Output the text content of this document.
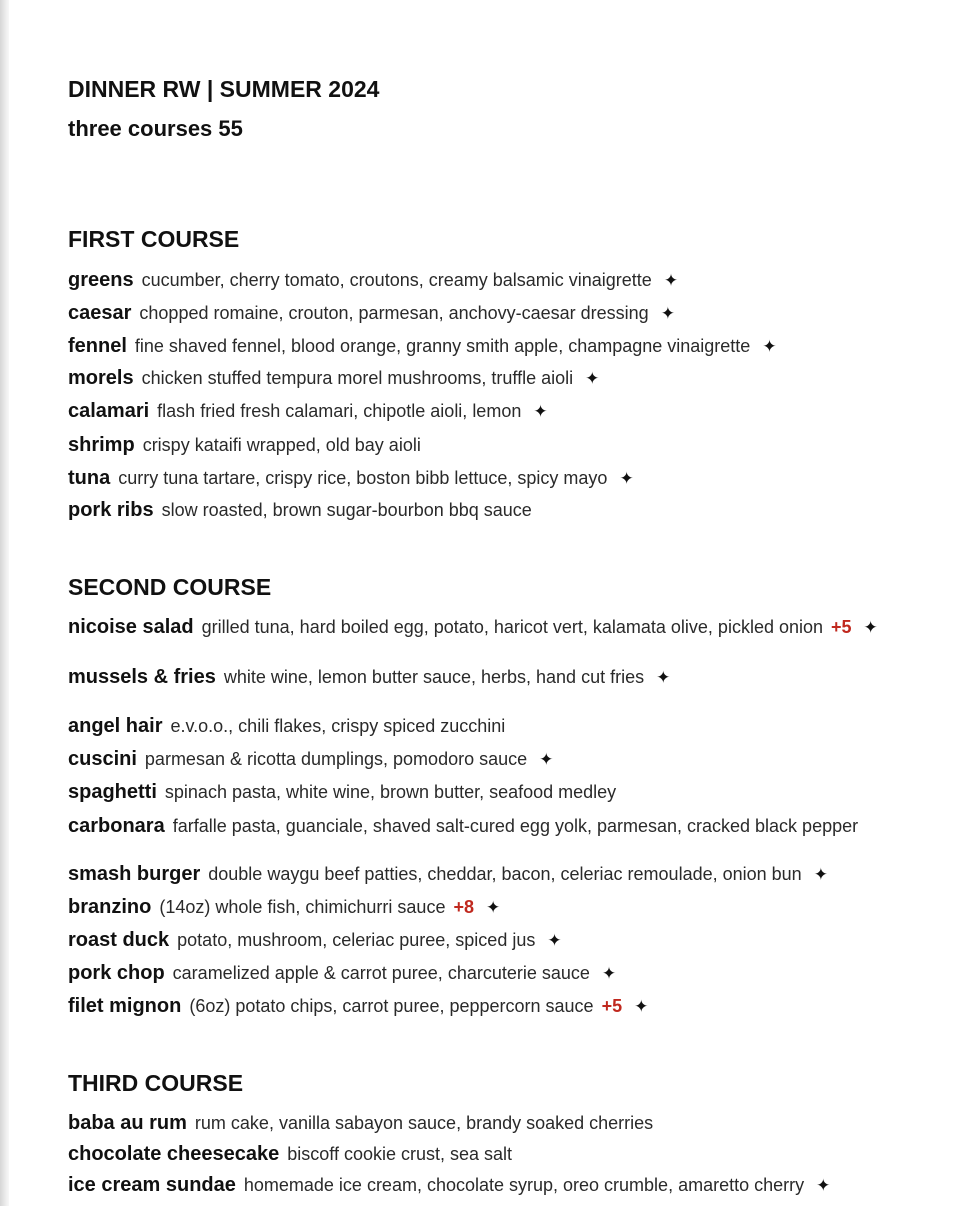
DINNER RW | SUMMER 2024
three courses 55
FIRST COURSE
greens cucumber, cherry tomato, croutons, creamy balsamic vinaigrette ✦
caesar chopped romaine, crouton, parmesan, anchovy-caesar dressing ✦
fennel fine shaved fennel, blood orange, granny smith apple, champagne vinaigrette ✦
morels chicken stuffed tempura morel mushrooms, truffle aioli ✦
calamari flash fried fresh calamari, chipotle aioli, lemon ✦
shrimp crispy kataifi wrapped, old bay aioli
tuna curry tuna tartare, crispy rice, boston bibb lettuce, spicy mayo ✦
pork ribs slow roasted, brown sugar-bourbon bbq sauce
SECOND COURSE
nicoise salad grilled tuna, hard boiled egg, potato, haricot vert, kalamata olive, pickled onion +5 ✦
mussels & fries white wine, lemon butter sauce, herbs, hand cut fries ✦
angel hair e.v.o.o., chili flakes, crispy spiced zucchini
cuscini parmesan & ricotta dumplings, pomodoro sauce ✦
spaghetti spinach pasta, white wine, brown butter, seafood medley
carbonara farfalle pasta, guanciale, shaved salt-cured egg yolk, parmesan, cracked black pepper
smash burger double waygu beef patties, cheddar, bacon, celeriac remoulade, onion bun ✦
branzino (14oz) whole fish, chimichurri sauce +8 ✦
roast duck potato, mushroom, celeriac puree, spiced jus ✦
pork chop caramelized apple & carrot puree, charcuterie sauce ✦
filet mignon (6oz) potato chips, carrot puree, peppercorn sauce +5 ✦
THIRD COURSE
baba au rum rum cake, vanilla sabayon sauce, brandy soaked cherries
chocolate cheesecake biscoff cookie crust, sea salt
ice cream sundae homemade ice cream, chocolate syrup, oreo crumble, amaretto cherry ✦
